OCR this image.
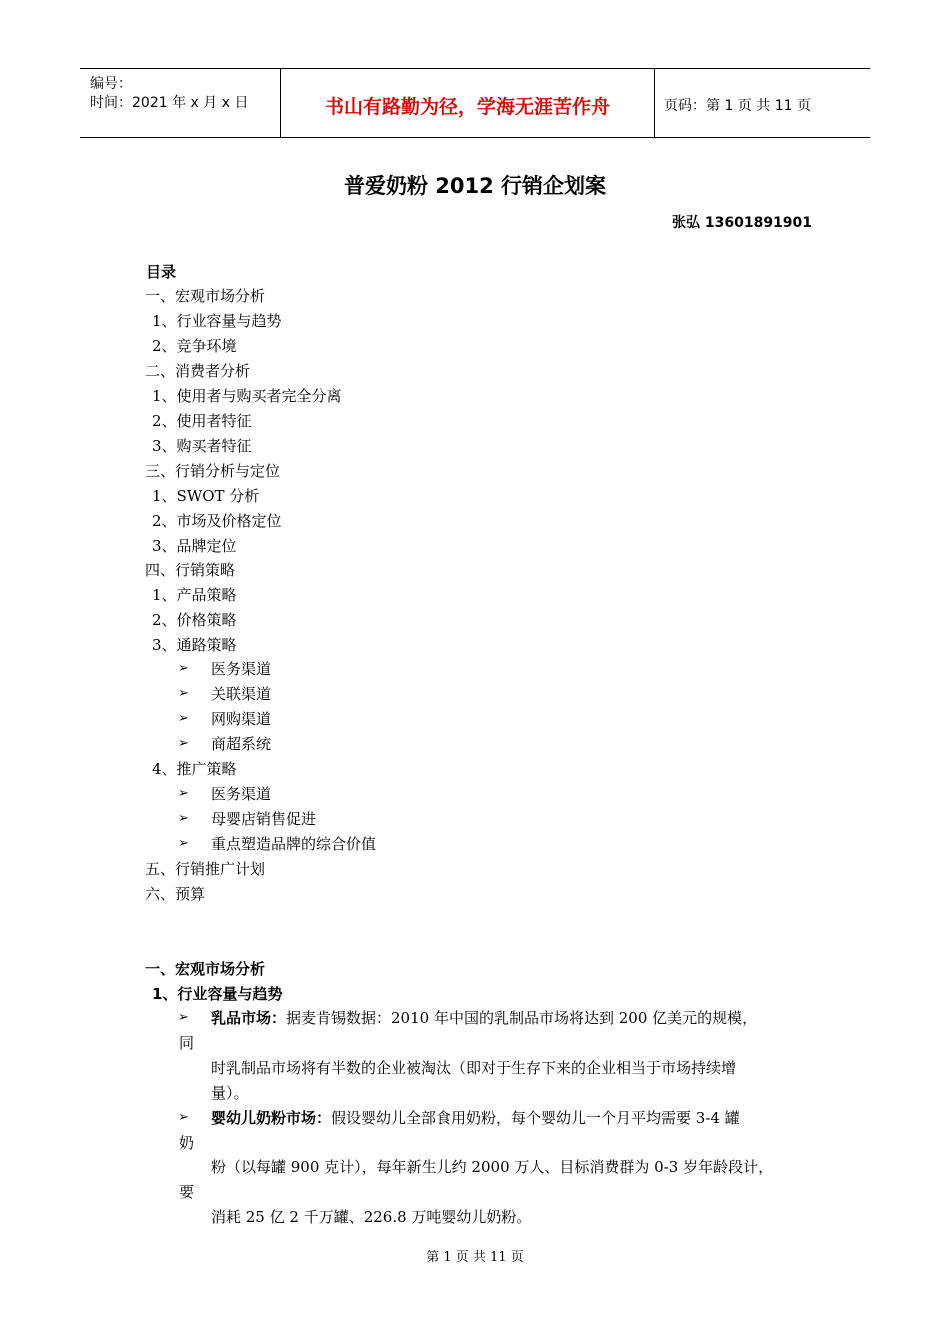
编号：
时间：2021 年 x 月 x 日	书山有路勤为径，学海无涯苦作舟	页码：第 1 页 共 11 页
普爱奶粉 2012 行销企划案
张弘 13601891901
目录
一、宏观市场分析
1、行业容量与趋势
2、竞争环境
二、消费者分析
1、使用者与购买者完全分离
2、使用者特征
3、购买者特征
三、行销分析与定位
1、SWOT 分析
2、市场及价格定位
3、品牌定位
四、行销策略
1、产品策略
2、价格策略
3、通路策略
➢ 医务渠道
➢ 关联渠道
➢ 网购渠道
➢ 商超系统
4、推广策略
➢ 医务渠道
➢ 母婴店销售促进
➢ 重点塑造品牌的综合价值
五、行销推广计划
六、预算
一、宏观市场分析
1、行业容量与趋势
➢ 乳品市场：据麦肯锡数据：2010 年中国的乳制品市场将达到 200 亿美元的规模，
同
时乳制品市场将有半数的企业被淘汰（即对于生存下来的企业相当于市场持续增
量）。
➢ 婴幼儿奶粉市场：假设婴幼儿全部食用奶粉，每个婴幼儿一个月平均需要 3-4 罐
奶
粉（以每罐 900 克计），每年新生儿约 2000 万人、目标消费群为 0-3 岁年龄段计，
要
消耗 25 亿 2 千万罐、226.8 万吨婴幼儿奶粉。
第 1 页 共 11 页
